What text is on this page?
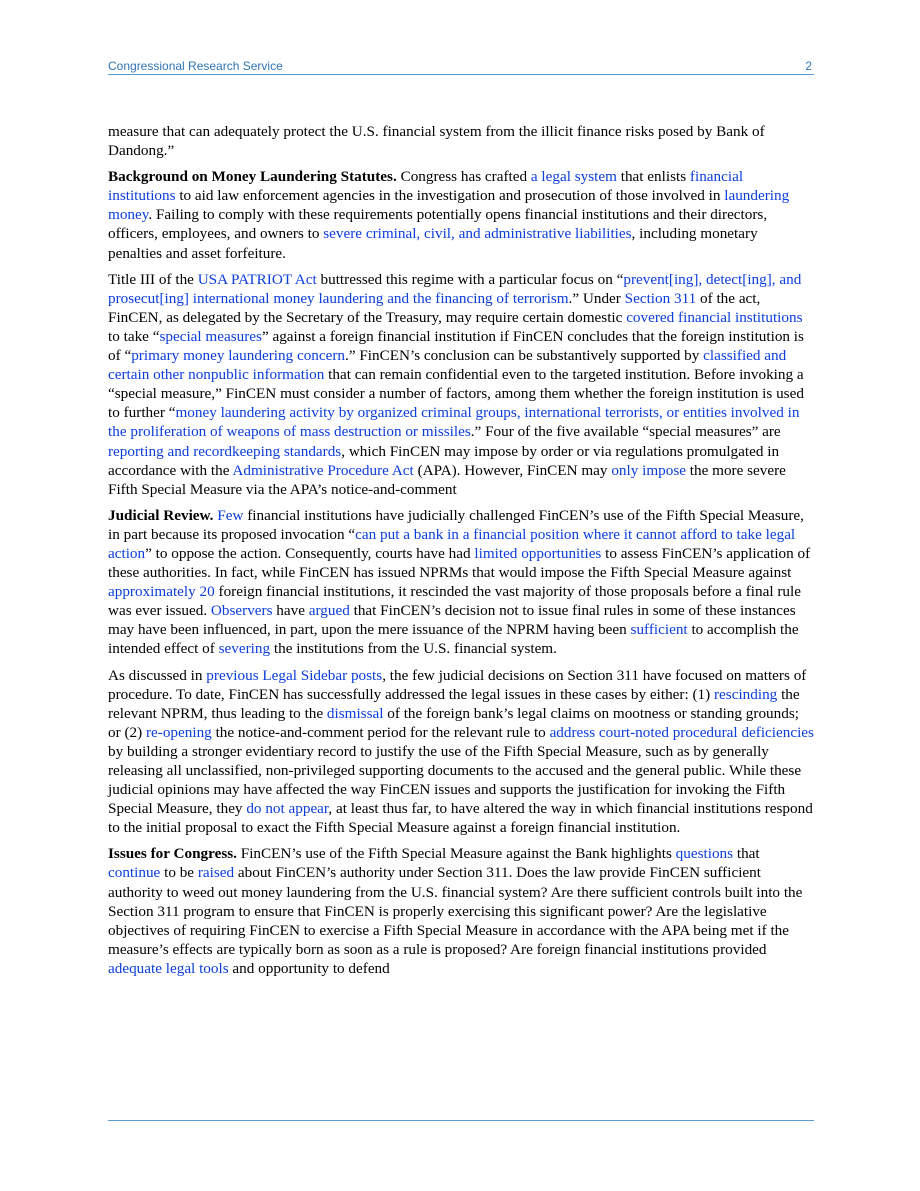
Congressional Research Service	2

measure that can adequately protect the U.S. financial system from the illicit finance risks posed by Bank of Dandong.”

Background on Money Laundering Statutes. Congress has crafted a legal system that enlists financial institutions to aid law enforcement agencies in the investigation and prosecution of those involved in laundering money. Failing to comply with these requirements potentially opens financial institutions and their directors, officers, employees, and owners to severe criminal, civil, and administrative liabilities, including monetary penalties and asset forfeiture.

Title III of the USA PATRIOT Act buttressed this regime with a particular focus on “prevent[ing], detect[ing], and prosecut[ing] international money laundering and the financing of terrorism.” Under Section 311 of the act, FinCEN, as delegated by the Secretary of the Treasury, may require certain domestic covered financial institutions to take “special measures” against a foreign financial institution if FinCEN concludes that the foreign institution is of “primary money laundering concern.” FinCEN’s conclusion can be substantively supported by classified and certain other nonpublic information that can remain confidential even to the targeted institution. Before invoking a “special measure,” FinCEN must consider a number of factors, among them whether the foreign institution is used to further “money laundering activity by organized criminal groups, international terrorists, or entities involved in the proliferation of weapons of mass destruction or missiles.” Four of the five available “special measures” are reporting and recordkeeping standards, which FinCEN may impose by order or via regulations promulgated in accordance with the Administrative Procedure Act (APA). However, FinCEN may only impose the more severe Fifth Special Measure via the APA’s notice-and-comment

Judicial Review. Few financial institutions have judicially challenged FinCEN’s use of the Fifth Special Measure, in part because its proposed invocation “can put a bank in a financial position where it cannot afford to take legal action” to oppose the action. Consequently, courts have had limited opportunities to assess FinCEN’s application of these authorities. In fact, while FinCEN has issued NPRMs that would impose the Fifth Special Measure against approximately 20 foreign financial institutions, it rescinded the vast majority of those proposals before a final rule was ever issued. Observers have argued that FinCEN’s decision not to issue final rules in some of these instances may have been influenced, in part, upon the mere issuance of the NPRM having been sufficient to accomplish the intended effect of severing the institutions from the U.S. financial system.

As discussed in previous Legal Sidebar posts, the few judicial decisions on Section 311 have focused on matters of procedure. To date, FinCEN has successfully addressed the legal issues in these cases by either: (1) rescinding the relevant NPRM, thus leading to the dismissal of the foreign bank’s legal claims on mootness or standing grounds; or (2) re-opening the notice-and-comment period for the relevant rule to address court-noted procedural deficiencies by building a stronger evidentiary record to justify the use of the Fifth Special Measure, such as by generally releasing all unclassified, non-privileged supporting documents to the accused and the general public. While these judicial opinions may have affected the way FinCEN issues and supports the justification for invoking the Fifth Special Measure, they do not appear, at least thus far, to have altered the way in which financial institutions respond to the initial proposal to exact the Fifth Special Measure against a foreign financial institution.

Issues for Congress. FinCEN’s use of the Fifth Special Measure against the Bank highlights questions that continue to be raised about FinCEN’s authority under Section 311. Does the law provide FinCEN sufficient authority to weed out money laundering from the U.S. financial system? Are there sufficient controls built into the Section 311 program to ensure that FinCEN is properly exercising this significant power? Are the legislative objectives of requiring FinCEN to exercise a Fifth Special Measure in accordance with the APA being met if the measure’s effects are typically born as soon as a rule is proposed? Are foreign financial institutions provided adequate legal tools and opportunity to defend
